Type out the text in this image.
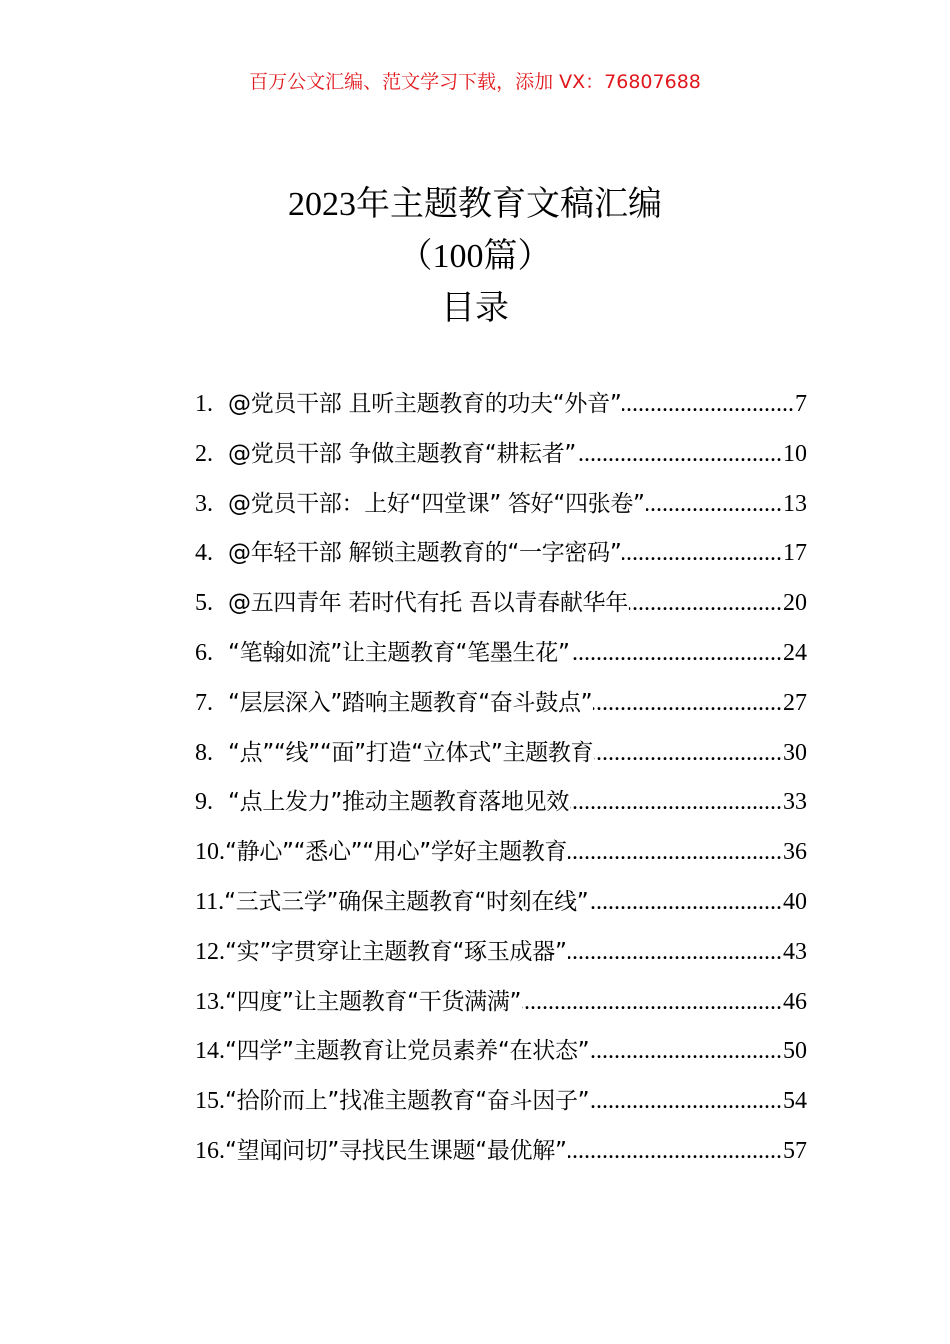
百万公文汇编、范文学习下载，添加 VX：76807688
2023年主题教育文稿汇编
（100篇）
目录
1. @党员干部 且听主题教育的功夫“外音” .....	7
2. @党员干部 争做主题教育“耕耘者” .....	10
3. @党员干部：上好“四堂课” 答好“四张卷” .....	13
4. @年轻干部 解锁主题教育的“一字密码” .....	17
5. @五四青年 若时代有托 吾以青春献华年 .....	20
6. “笔翰如流”让主题教育“笔墨生花” .....	24
7. “层层深入”踏响主题教育“奋斗鼓点” .....	27
8. “点”“线”“面”打造“立体式”主题教育 .....	30
9. “点上发力”推动主题教育落地见效 .....	33
10. “静心”“悉心”“用心”学好主题教育 .....	36
11. “三式三学”确保主题教育“时刻在线” .....	40
12. “实”字贯穿让主题教育“琢玉成器” .....	43
13. “四度”让主题教育“干货满满” .....	46
14. “四学”主题教育让党员素养“在状态” .....	50
15. “拾阶而上”找准主题教育“奋斗因子” .....	54
16. “望闻问切”寻找民生课题“最优解” .....	57
